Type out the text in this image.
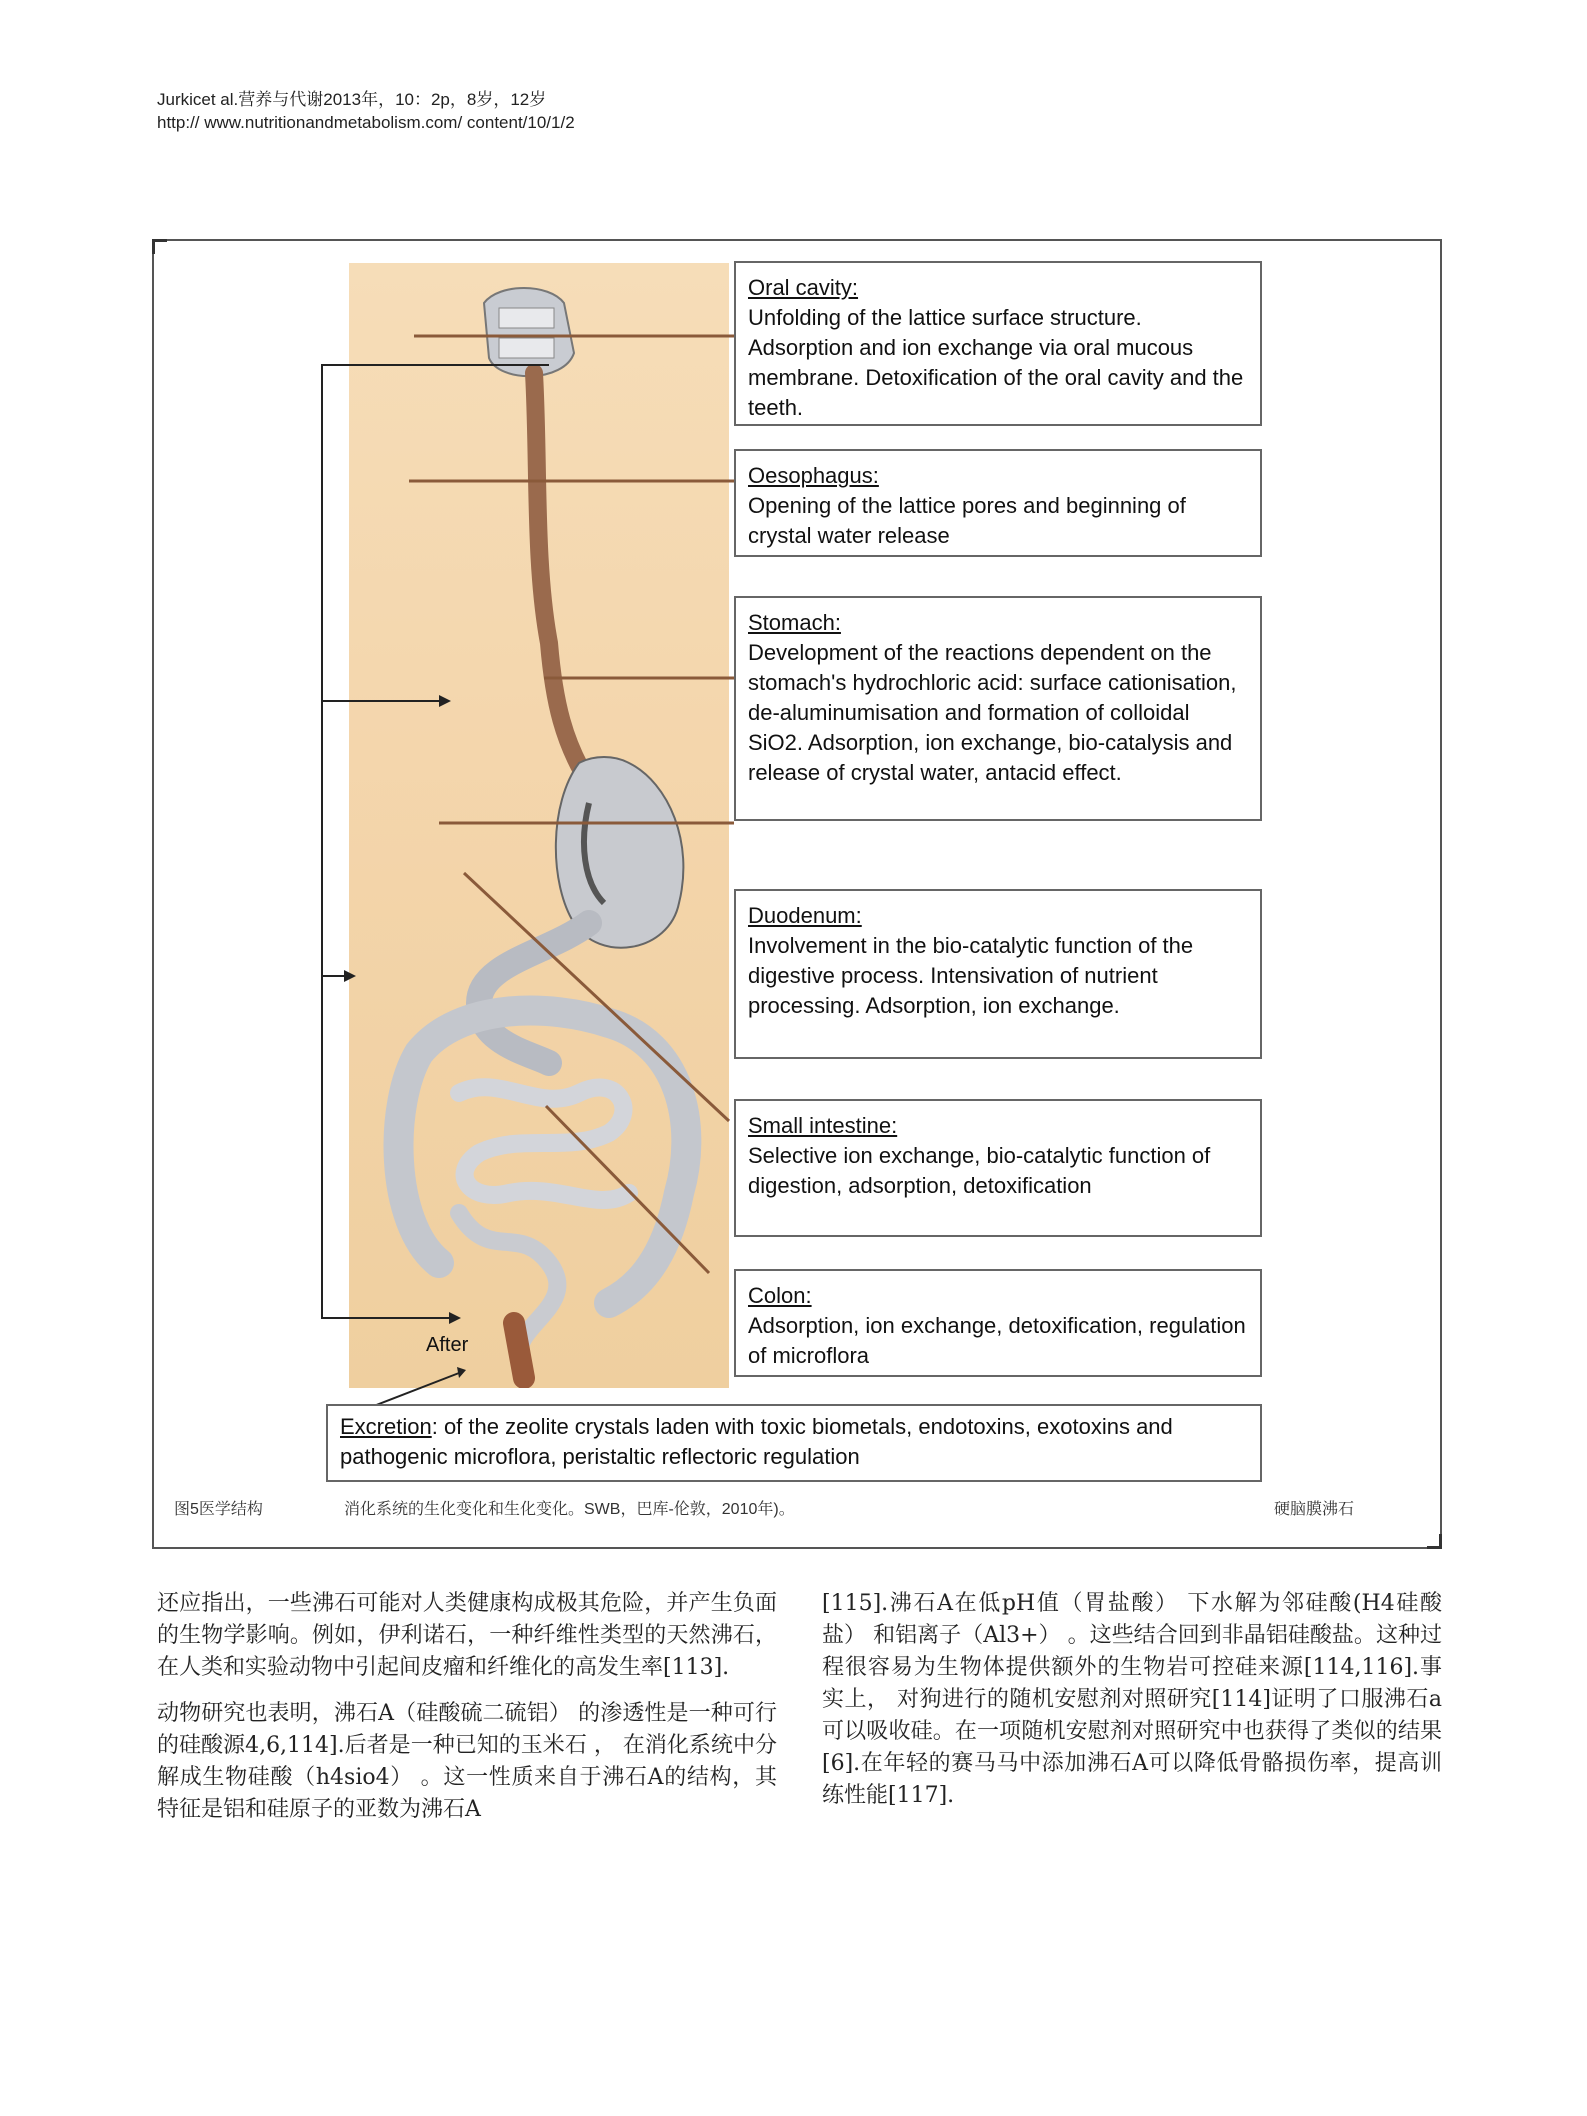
Jurkicet al.营养与代谢2013年，10：2p，8岁，12岁
http:// www.nutritionandmetabolism.com/ content/10/1/2
Oral cavity:
Unfolding of the lattice surface structure. Adsorption and ion exchange via oral mucous membrane. Detoxification of the oral cavity and the teeth.
Oesophagus:
Opening of the lattice pores and beginning of crystal water release
Stomach:
Development of the reactions dependent on the stomach's hydrochloric acid: surface cationisation, de-aluminumisation and formation of colloidal SiO2. Adsorption, ion exchange, bio-catalysis and release of crystal water, antacid effect.
Duodenum:
Involvement in the bio-catalytic function of the digestive process. Intensivation of nutrient processing. Adsorption, ion exchange.
Small intestine:
Selective ion exchange, bio-catalytic function of digestion, adsorption, detoxification
Colon:
Adsorption, ion exchange, detoxification, regulation of microflora
Excretion: of the zeolite crystals laden with toxic biometals, endotoxins, exotoxins and pathogenic microflora, peristaltic reflectoric regulation
After
图5医学结构	消化系统的生化变化和生化变化。SWB，巴库-伦敦，2010年)。	硬脑膜沸石

还应指出，一些沸石可能对人类健康构成极其危险，并产生负面的生物学影响。例如，伊利诺石，一种纤维性类型的天然沸石，在人类和实验动物中引起间皮瘤和纤维化的高发生率[113].

动物研究也表明，沸石A（硅酸硫二硫铝） 的渗透性是一种可行的硅酸源4,6,114].后者是一种已知的玉米石 ， 在消化系统中分解成生物硅酸（h4sio4） 。这一性质来自于沸石A的结构，其特征是铝和硅原子的亚数为沸石A

[115].沸石A在低pH值（胃盐酸） 下水解为邻硅酸(H4硅酸盐） 和铝离子（Al3+） 。这些结合回到非晶铝硅酸盐。这种过程很容易为生物体提供额外的生物岩可控硅来源[114,116].事实上， 对狗进行的随机安慰剂对照研究[114]证明了口服沸石a可以吸收硅。在一项随机安慰剂对照研究中也获得了类似的结果[6].在年轻的赛马马中添加沸石A可以降低骨骼损伤率，提高训练性能[117].
